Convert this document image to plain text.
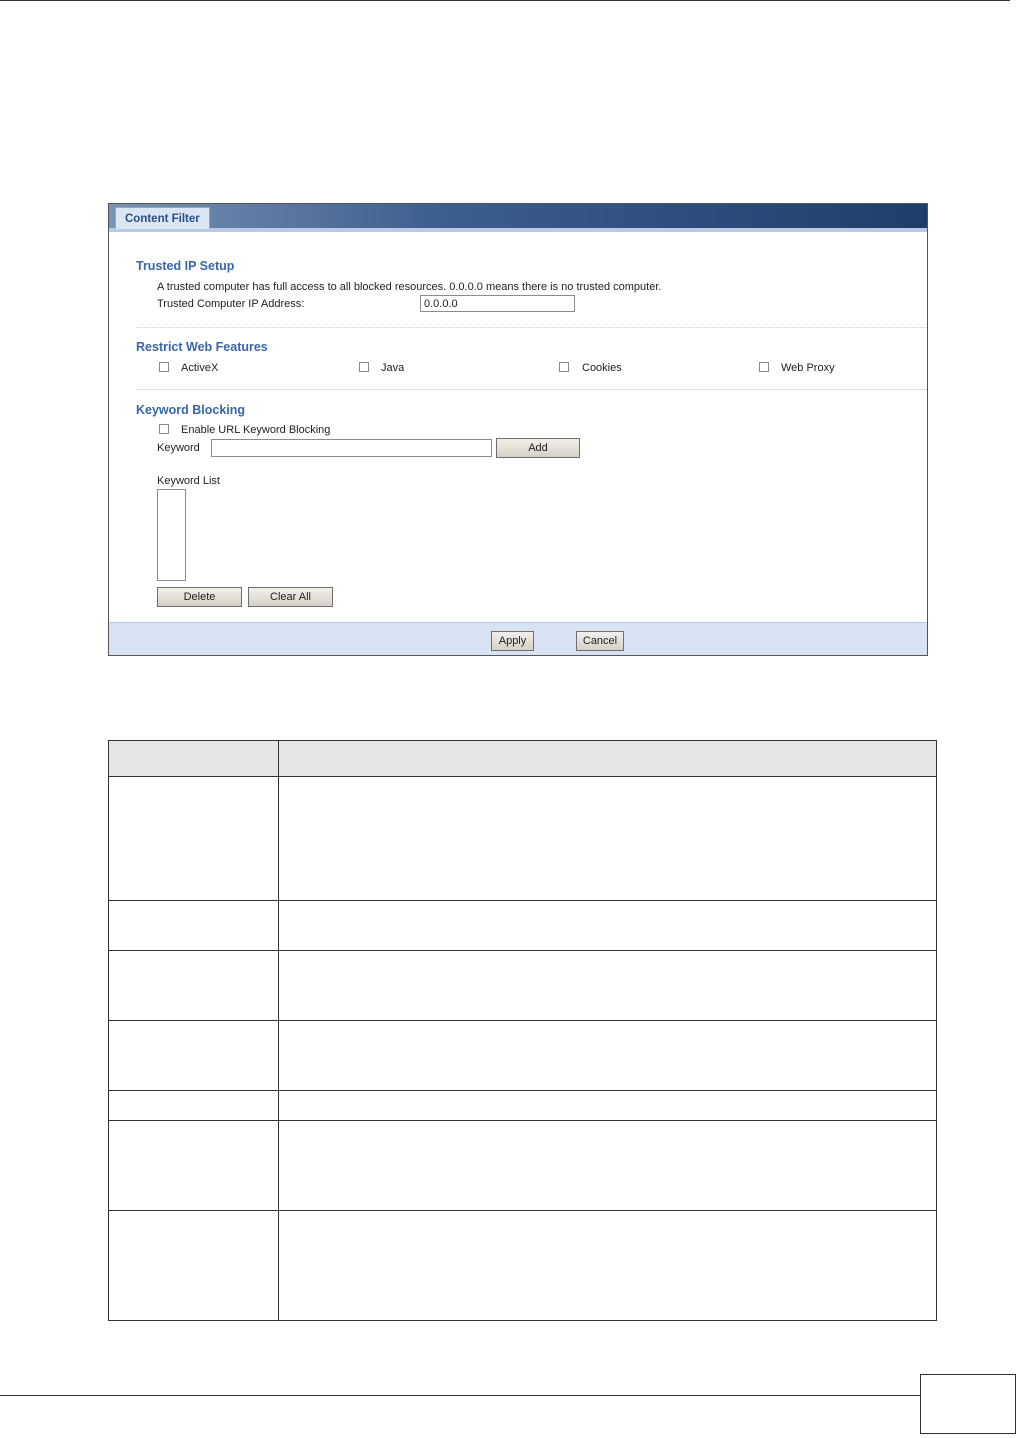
Content Filter
Trusted IP Setup
A trusted computer has full access to all blocked resources. 0.0.0.0 means there is no trusted computer.
Trusted Computer IP Address:
0.0.0.0
Restrict Web Features
ActiveX	Java	Cookies	Web Proxy
Keyword Blocking
Enable URL Keyword Blocking
Keyword	Add
Keyword List
Delete	Clear All
Apply	Cancel
